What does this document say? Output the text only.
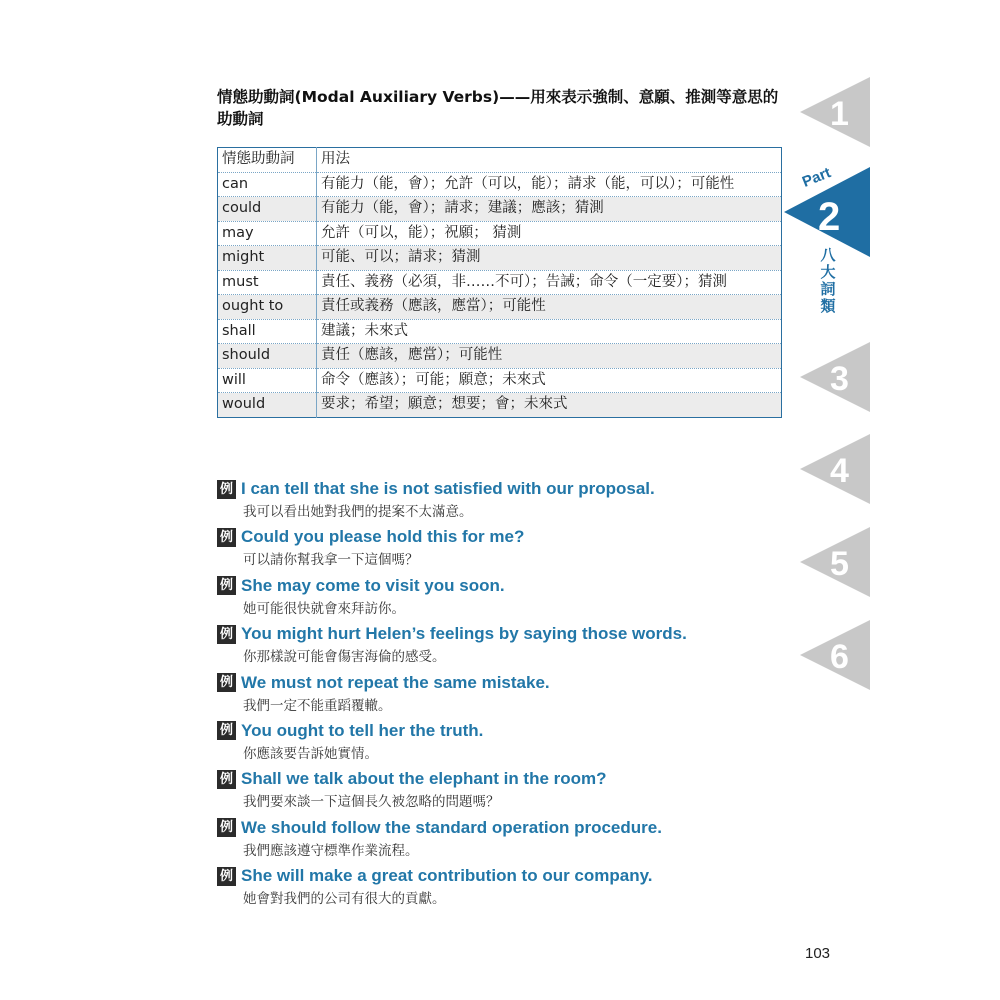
情態助動詞(Modal Auxiliary Verbs)——用來表示強制、意願、推測等意思的助動詞
情態助動詞	用法
can	有能力（能，會）；允許（可以，能）；請求（能，可以）；可能性
could	有能力（能，會）；請求；建議；應該；猜測
may	允許（可以，能）；祝願； 猜測
might	可能、可以；請求；猜測
must	責任、義務（必須，非……不可）；告誡；命令（一定要）；猜測
ought to	責任或義務（應該，應當）；可能性
shall	建議；未來式
should	責任（應該，應當）；可能性
will	命令（應該）；可能；願意；未來式
would	要求；希望；願意；想要；會；未來式
例 I can tell that she is not satisfied with our proposal.
我可以看出她對我們的提案不太滿意。
例 Could you please hold this for me?
可以請你幫我拿一下這個嗎？
例 She may come to visit you soon.
她可能很快就會來拜訪你。
例 You might hurt Helen’s feelings by saying those words.
你那樣說可能會傷害海倫的感受。
例 We must not repeat the same mistake.
我們一定不能重蹈覆轍。
例 You ought to tell her the truth.
你應該要告訴她實情。
例 Shall we talk about the elephant in the room?
我們要來談一下這個長久被忽略的問題嗎？
例 We should follow the standard operation procedure.
我們應該遵守標準作業流程。
例 She will make a great contribution to our company.
她會對我們的公司有很大的貢獻。
Part
1
Part
2
Part
3
Part
4
Part
5
Part
6
八大詞類
103
